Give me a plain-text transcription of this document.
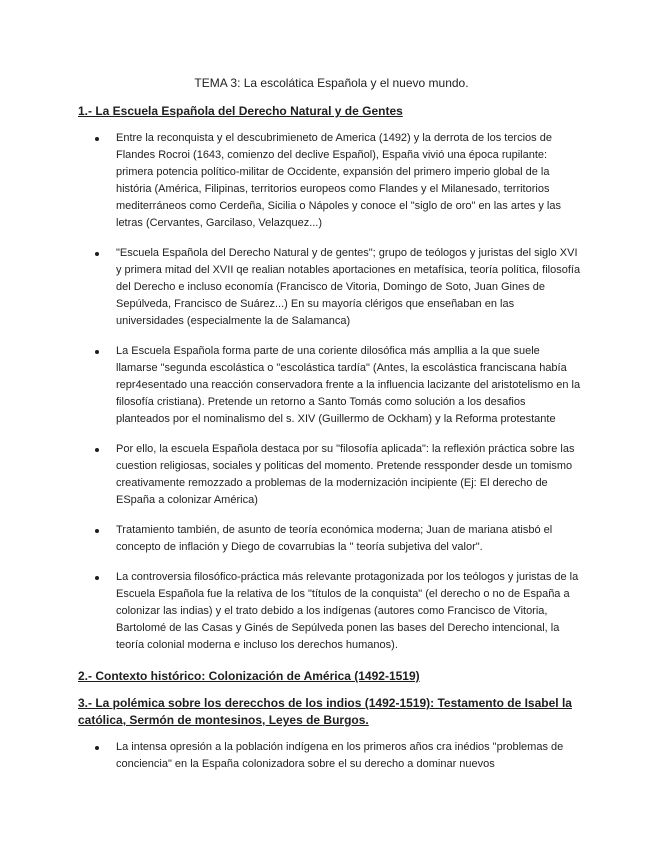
TEMA 3: La escolática Española y el nuevo mundo.
1.- La Escuela Española del Derecho Natural y de Gentes
Entre la reconquista y el descubrimieneto de America (1492) y la derrota de los tercios de Flandes Rocroi (1643, comienzo del declive Español), España vivió una época rupilante: primera potencia político-militar de Occidente, expansión del primero imperio global de la história (América, Filipinas, territorios europeos como Flandes y el Milanesado, territorios mediterráneos como Cerdeña, Sicilia o Nápoles y conoce el "siglo de oro" en las artes y las letras (Cervantes, Garcilaso, Velazquez...)
"Escuela Española del Derecho Natural y de gentes"; grupo de teólogos y juristas del siglo XVI y primera mitad del XVII qe realian notables aportaciones en metafísica, teoría política, filosofía del Derecho e incluso economía (Francisco de Vitoria, Domingo de Soto, Juan Gines de Sepúlveda, Francisco de Suárez...) En su mayoría clérigos que enseñaban en las universidades (especialmente la de Salamanca)
La Escuela Española forma parte de una coriente dilosófica más ampllia a la que suele llamarse "segunda escolástica o "escolástica tardía" (Antes, la escolástica franciscana había repr4esentado una reacción conservadora frente a la influencia lacizante del aristotelismo en la filosofía cristiana). Pretende un retorno a Santo Tomás como solución a los desafios planteados por el nominalismo del s. XIV (Guillermo de Ockham) y la Reforma protestante
Por ello, la escuela Española destaca por su "filosofía aplicada": la reflexión práctica sobre las cuestion religiosas, sociales y politicas del momento. Pretende ressponder desde un tomismo creativamente remozzado a problemas de la modernización incipiente (Ej: El derecho de ESpaña a colonizar América)
Tratamiento también, de asunto de teoría económica moderna; Juan de mariana atisbó el concepto de inflación y Diego de covarrubias la " teoría subjetiva del valor".
La controversia filosófico-práctica más relevante protagonizada por los teólogos y juristas de la Escuela Española fue la relativa de los "títulos de la conquista" (el derecho o no de España a colonizar las indias) y el trato debido a los indígenas (autores como Francisco de Vitoria, Bartolomé de las Casas y Ginés de Sepúlveda ponen las bases del Derecho intencional, la teoría colonial moderna e incluso los derechos humanos).
2.- Contexto histórico: Colonización de América (1492-1519)
3.- La polémica sobre los derecchos de los indios (1492-1519): Testamento de Isabel la católica, Sermón de montesinos, Leyes de Burgos.
La intensa opresión a la población indígena en los primeros años cra inédios "problemas de conciencia" en la España colonizadora sobre el su derecho a dominar nuevos
